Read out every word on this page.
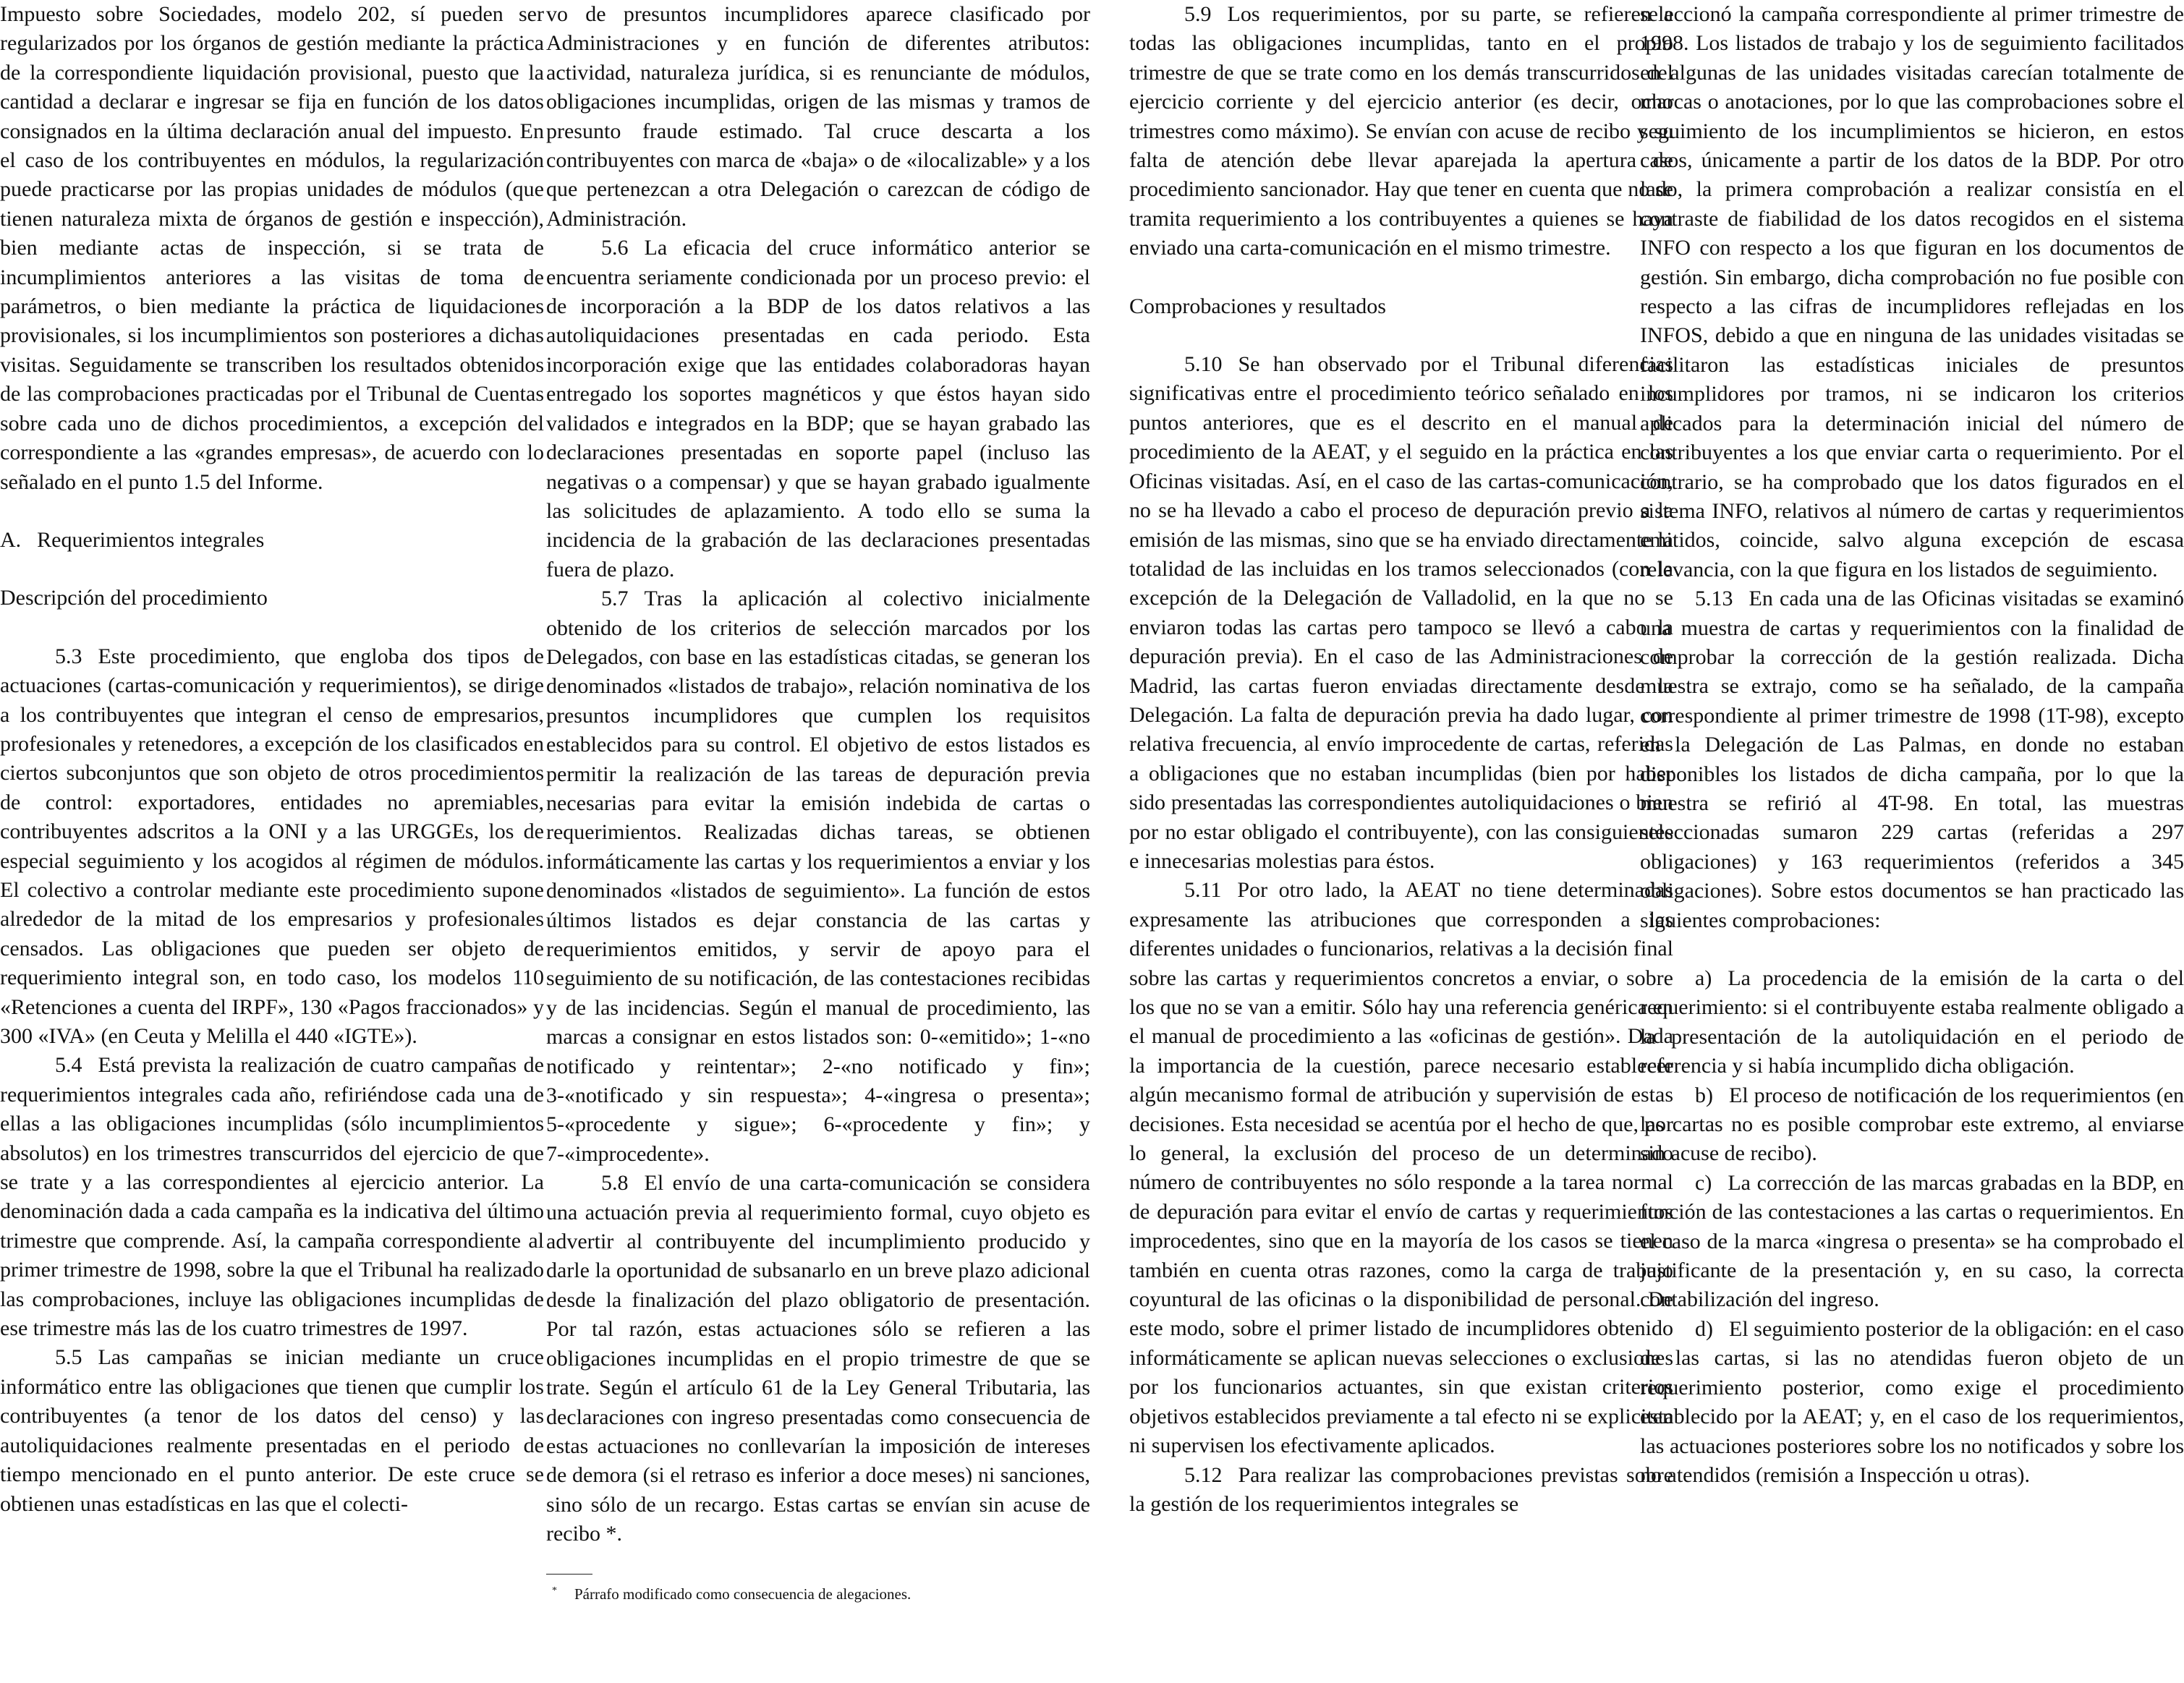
Impuesto sobre Sociedades, modelo 202, sí pueden ser regularizados por los órganos de gestión mediante la práctica de la correspondiente liquidación provisional, puesto que la cantidad a declarar e ingresar se fija en función de los datos consignados en la última declaración anual del impuesto. En el caso de los contribuyentes en módulos, la regularización puede practicarse por las propias unidades de módulos (que tienen naturaleza mixta de órganos de gestión e inspección), bien mediante actas de inspección, si se trata de incumplimientos anteriores a las visitas de toma de parámetros, o bien mediante la práctica de liquidaciones provisionales, si los incumplimientos son posteriores a dichas visitas. Seguidamente se transcriben los resultados obtenidos de las comprobaciones practicadas por el Tribunal de Cuentas sobre cada uno de dichos procedimientos, a excepción del correspondiente a las «grandes empresas», de acuerdo con lo señalado en el punto 1.5 del Informe.

A. Requerimientos integrales

Descripción del procedimiento

5.3 Este procedimiento, que engloba dos tipos de actuaciones (cartas-comunicación y requerimientos), se dirige a los contribuyentes que integran el censo de empresarios, profesionales y retenedores, a excepción de los clasificados en ciertos subconjuntos que son objeto de otros procedimientos de control: exportadores, entidades no apremiables, contribuyentes adscritos a la ONI y a las URGGEs, los de especial seguimiento y los acogidos al régimen de módulos. El colectivo a controlar mediante este procedimiento supone alrededor de la mitad de los empresarios y profesionales censados. Las obligaciones que pueden ser objeto de requerimiento integral son, en todo caso, los modelos 110 «Retenciones a cuenta del IRPF», 130 «Pagos fraccionados» y 300 «IVA» (en Ceuta y Melilla el 440 «IGTE»).

5.4 Está prevista la realización de cuatro campañas de requerimientos integrales cada año, refiriéndose cada una de ellas a las obligaciones incumplidas (sólo incumplimientos absolutos) en los trimestres transcurridos del ejercicio de que se trate y a las correspondientes al ejercicio anterior. La denominación dada a cada campaña es la indicativa del último trimestre que comprende. Así, la campaña correspondiente al primer trimestre de 1998, sobre la que el Tribunal ha realizado las comprobaciones, incluye las obligaciones incumplidas de ese trimestre más las de los cuatro trimestres de 1997.

5.5 Las campañas se inician mediante un cruce informático entre las obligaciones que tienen que cumplir los contribuyentes (a tenor de los datos del censo) y las autoliquidaciones realmente presentadas en el periodo de tiempo mencionado en el punto anterior. De este cruce se obtienen unas estadísticas en las que el colecti-

vo de presuntos incumplidores aparece clasificado por Administraciones y en función de diferentes atributos: actividad, naturaleza jurídica, si es renunciante de módulos, obligaciones incumplidas, origen de las mismas y tramos de presunto fraude estimado. Tal cruce descarta a los contribuyentes con marca de «baja» o de «ilocalizable» y a los que pertenezcan a otra Delegación o carezcan de código de Administración.

5.6 La eficacia del cruce informático anterior se encuentra seriamente condicionada por un proceso previo: el de incorporación a la BDP de los datos relativos a las autoliquidaciones presentadas en cada periodo. Esta incorporación exige que las entidades colaboradoras hayan entregado los soportes magnéticos y que éstos hayan sido validados e integrados en la BDP; que se hayan grabado las declaraciones presentadas en soporte papel (incluso las negativas o a compensar) y que se hayan grabado igualmente las solicitudes de aplazamiento. A todo ello se suma la incidencia de la grabación de las declaraciones presentadas fuera de plazo.

5.7 Tras la aplicación al colectivo inicialmente obtenido de los criterios de selección marcados por los Delegados, con base en las estadísticas citadas, se generan los denominados «listados de trabajo», relación nominativa de los presuntos incumplidores que cumplen los requisitos establecidos para su control. El objetivo de estos listados es permitir la realización de las tareas de depuración previa necesarias para evitar la emisión indebida de cartas o requerimientos. Realizadas dichas tareas, se obtienen informáticamente las cartas y los requerimientos a enviar y los denominados «listados de seguimiento». La función de estos últimos listados es dejar constancia de las cartas y requerimientos emitidos, y servir de apoyo para el seguimiento de su notificación, de las contestaciones recibidas y de las incidencias. Según el manual de procedimiento, las marcas a consignar en estos listados son: 0-«emitido»; 1-«no notificado y reintentar»; 2-«no notificado y fin»; 3-«notificado y sin respuesta»; 4-«ingresa o presenta»; 5-«procedente y sigue»; 6-«procedente y fin»; y 7-«improcedente».

5.8 El envío de una carta-comunicación se considera una actuación previa al requerimiento formal, cuyo objeto es advertir al contribuyente del incumplimiento producido y darle la oportunidad de subsanarlo en un breve plazo adicional desde la finalización del plazo obligatorio de presentación. Por tal razón, estas actuaciones sólo se refieren a las obligaciones incumplidas en el propio trimestre de que se trate. Según el artículo 61 de la Ley General Tributaria, las declaraciones con ingreso presentadas como consecuencia de estas actuaciones no conllevarían la imposición de intereses de demora (si el retraso es inferior a doce meses) ni sanciones, sino sólo de un recargo. Estas cartas se envían sin acuse de recibo *.

* Párrafo modificado como consecuencia de alegaciones.

5.9 Los requerimientos, por su parte, se refieren a todas las obligaciones incumplidas, tanto en el propio trimestre de que se trate como en los demás transcurridos del ejercicio corriente y del ejercicio anterior (es decir, ocho trimestres como máximo). Se envían con acuse de recibo y su falta de atención debe llevar aparejada la apertura de procedimiento sancionador. Hay que tener en cuenta que no se tramita requerimiento a los contribuyentes a quienes se haya enviado una carta-comunicación en el mismo trimestre.

Comprobaciones y resultados

5.10 Se han observado por el Tribunal diferencias significativas entre el procedimiento teórico señalado en los puntos anteriores, que es el descrito en el manual de procedimiento de la AEAT, y el seguido en la práctica en las Oficinas visitadas. Así, en el caso de las cartas-comunicación, no se ha llevado a cabo el proceso de depuración previo a la emisión de las mismas, sino que se ha enviado directamente la totalidad de las incluidas en los tramos seleccionados (con la excepción de la Delegación de Valladolid, en la que no se enviaron todas las cartas pero tampoco se llevó a cabo la depuración previa). En el caso de las Administraciones de Madrid, las cartas fueron enviadas directamente desde la Delegación. La falta de depuración previa ha dado lugar, con relativa frecuencia, al envío improcedente de cartas, referidas a obligaciones que no estaban incumplidas (bien por haber sido presentadas las correspondientes autoliquidaciones o bien por no estar obligado el contribuyente), con las consiguientes e innecesarias molestias para éstos.

5.11 Por otro lado, la AEAT no tiene determinadas expresamente las atribuciones que corresponden a las diferentes unidades o funcionarios, relativas a la decisión final sobre las cartas y requerimientos concretos a enviar, o sobre los que no se van a emitir. Sólo hay una referencia genérica en el manual de procedimiento a las «oficinas de gestión». Dada la importancia de la cuestión, parece necesario establecer algún mecanismo formal de atribución y supervisión de estas decisiones. Esta necesidad se acentúa por el hecho de que, por lo general, la exclusión del proceso de un determinado número de contribuyentes no sólo responde a la tarea normal de depuración para evitar el envío de cartas y requerimientos improcedentes, sino que en la mayoría de los casos se tienen también en cuenta otras razones, como la carga de trabajo coyuntural de las oficinas o la disponibilidad de personal. De este modo, sobre el primer listado de incumplidores obtenido informáticamente se aplican nuevas selecciones o exclusiones por los funcionarios actuantes, sin que existan criterios objetivos establecidos previamente a tal efecto ni se expliciten ni supervisen los efectivamente aplicados.

5.12 Para realizar las comprobaciones previstas sobre la gestión de los requerimientos integrales se

seleccionó la campaña correspondiente al primer trimestre de 1998. Los listados de trabajo y los de seguimiento facilitados en algunas de las unidades visitadas carecían totalmente de marcas o anotaciones, por lo que las comprobaciones sobre el seguimiento de los incumplimientos se hicieron, en estos casos, únicamente a partir de los datos de la BDP. Por otro lado, la primera comprobación a realizar consistía en el contraste de fiabilidad de los datos recogidos en el sistema INFO con respecto a los que figuran en los documentos de gestión. Sin embargo, dicha comprobación no fue posible con respecto a las cifras de incumplidores reflejadas en los INFOS, debido a que en ninguna de las unidades visitadas se facilitaron las estadísticas iniciales de presuntos incumplidores por tramos, ni se indicaron los criterios aplicados para la determinación inicial del número de contribuyentes a los que enviar carta o requerimiento. Por el contrario, se ha comprobado que los datos figurados en el sistema INFO, relativos al número de cartas y requerimientos emitidos, coincide, salvo alguna excepción de escasa relevancia, con la que figura en los listados de seguimiento.

5.13 En cada una de las Oficinas visitadas se examinó una muestra de cartas y requerimientos con la finalidad de comprobar la corrección de la gestión realizada. Dicha muestra se extrajo, como se ha señalado, de la campaña correspondiente al primer trimestre de 1998 (1T-98), excepto en la Delegación de Las Palmas, en donde no estaban disponibles los listados de dicha campaña, por lo que la muestra se refirió al 4T-98. En total, las muestras seleccionadas sumaron 229 cartas (referidas a 297 obligaciones) y 163 requerimientos (referidos a 345 obligaciones). Sobre estos documentos se han practicado las siguientes comprobaciones:

a) La procedencia de la emisión de la carta o del requerimiento: si el contribuyente estaba realmente obligado a la presentación de la autoliquidación en el periodo de referencia y si había incumplido dicha obligación.

b) El proceso de notificación de los requerimientos (en las cartas no es posible comprobar este extremo, al enviarse sin acuse de recibo).

c) La corrección de las marcas grabadas en la BDP, en función de las contestaciones a las cartas o requerimientos. En el caso de la marca «ingresa o presenta» se ha comprobado el justificante de la presentación y, en su caso, la correcta contabilización del ingreso.

d) El seguimiento posterior de la obligación: en el caso de las cartas, si las no atendidas fueron objeto de un requerimiento posterior, como exige el procedimiento establecido por la AEAT; y, en el caso de los requerimientos, las actuaciones posteriores sobre los no notificados y sobre los no atendidos (remisión a Inspección u otras).
